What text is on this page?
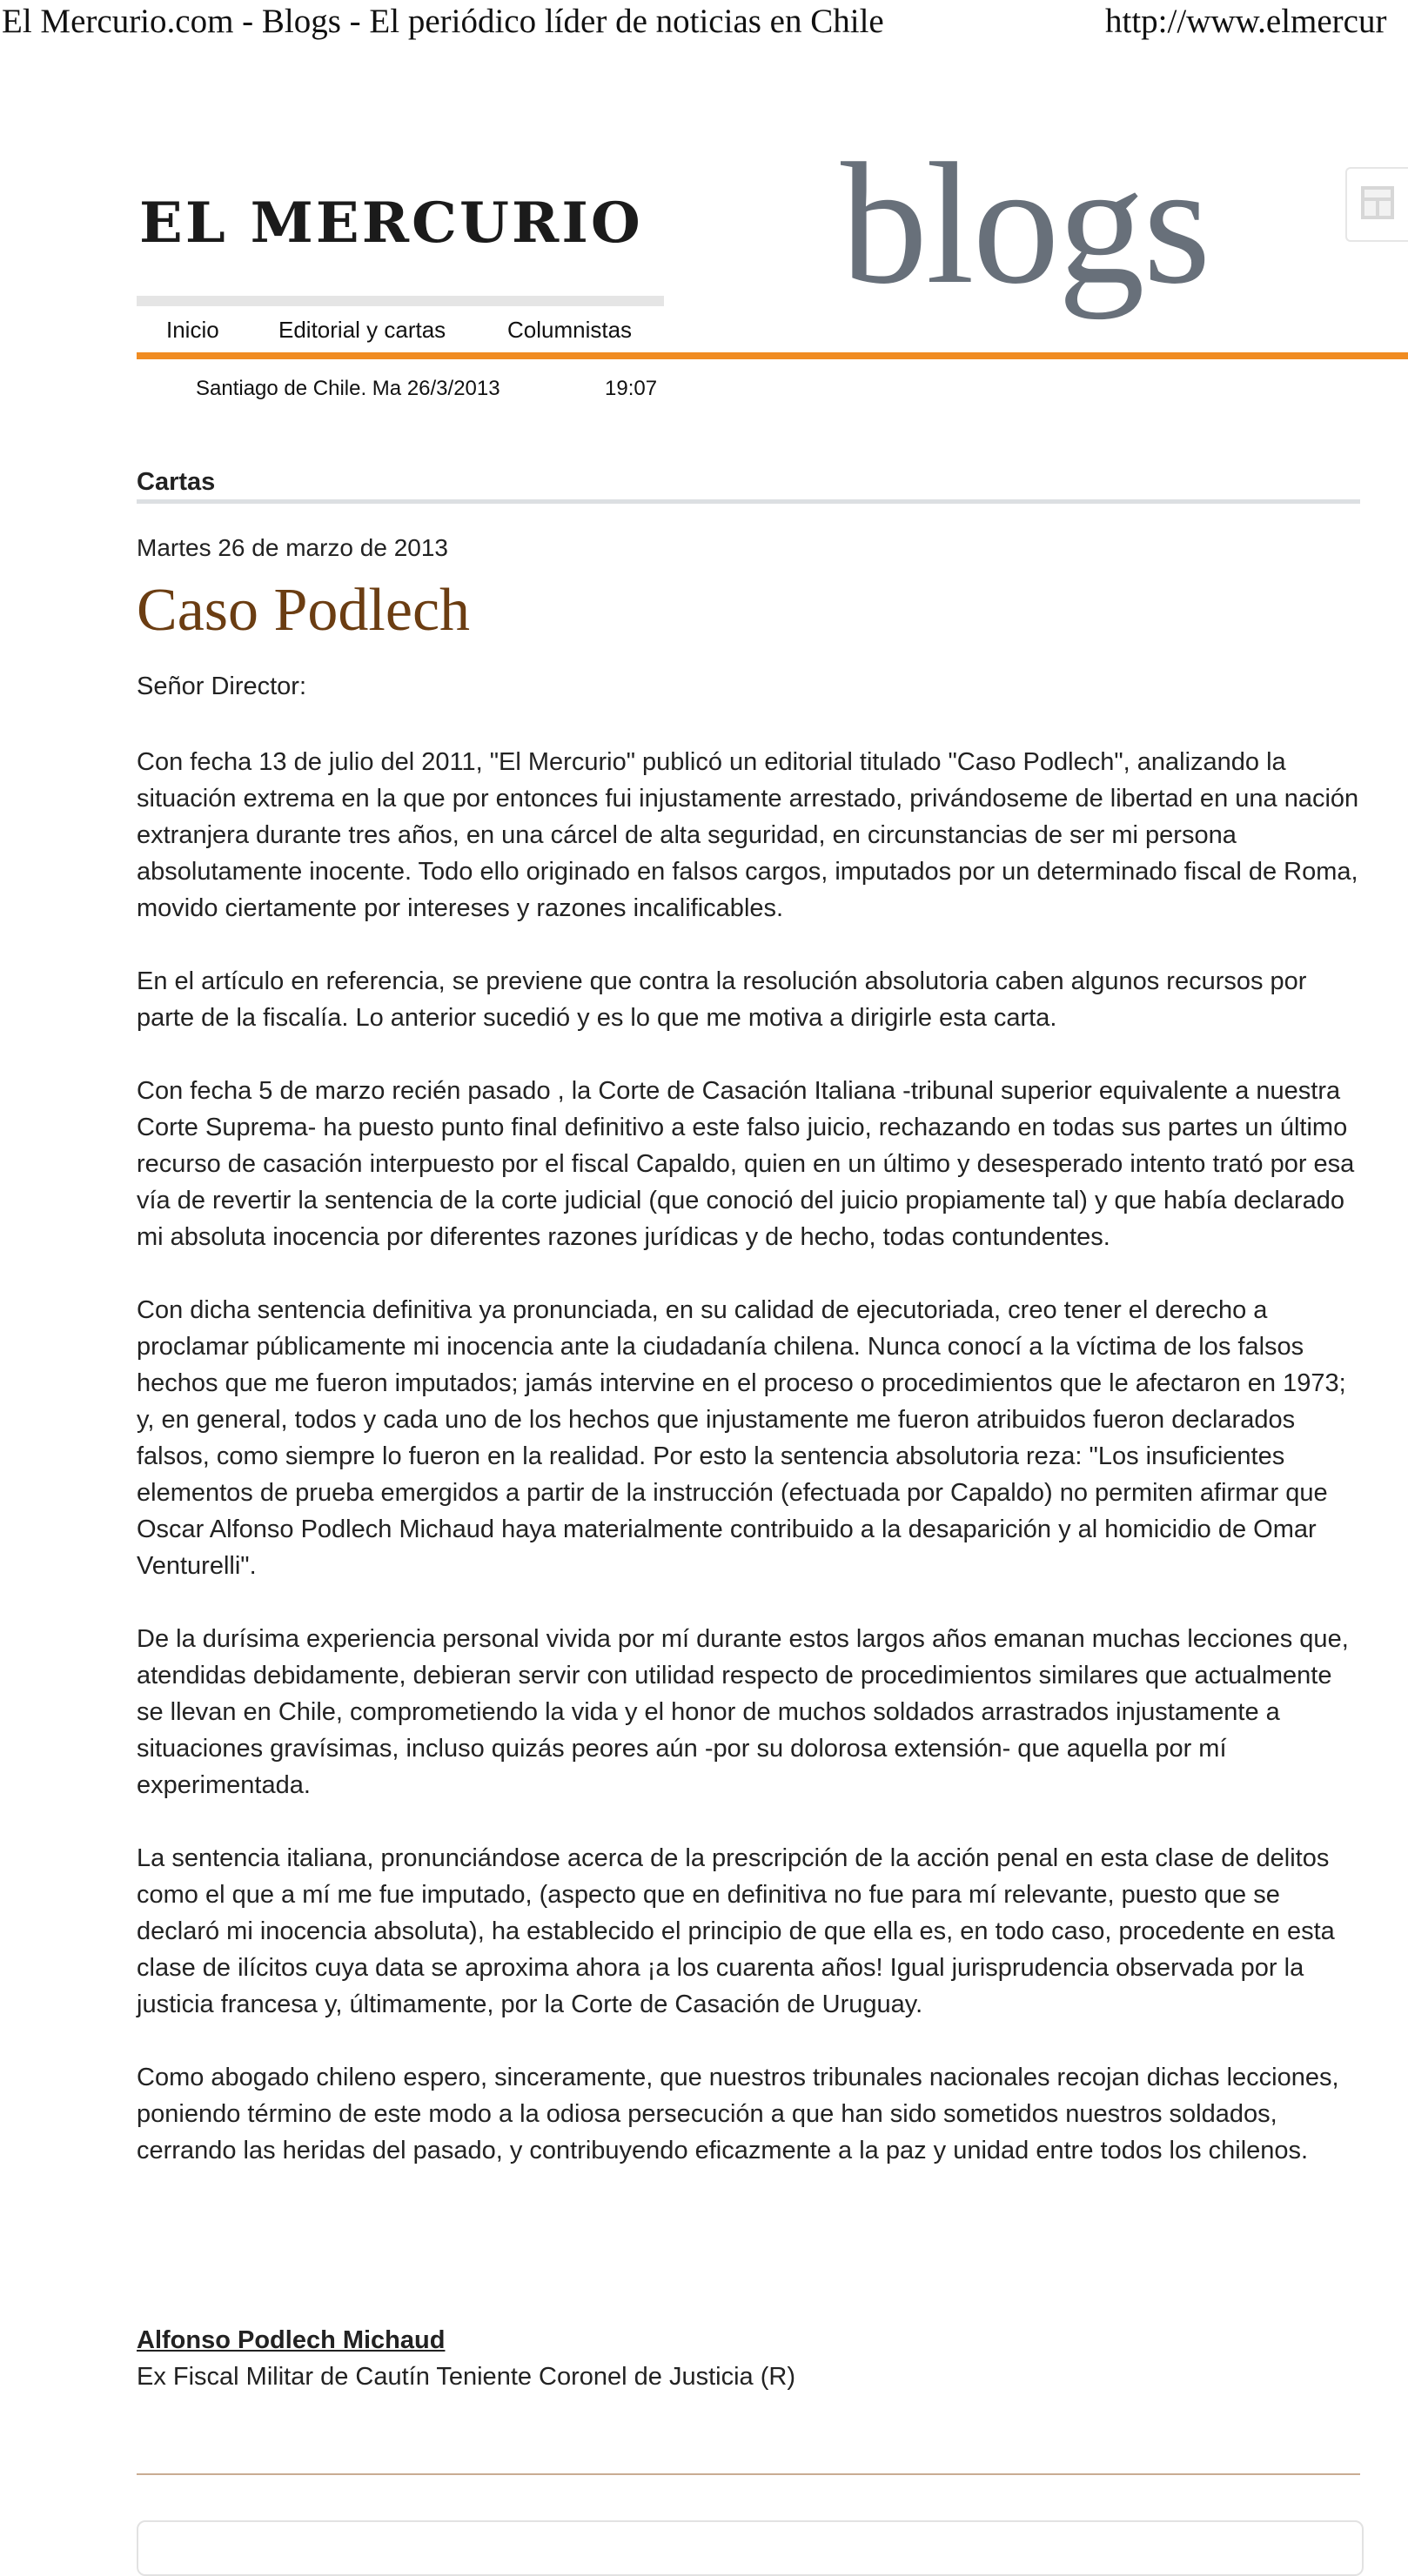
El Mercurio.com - Blogs - El periódico líder de noticias en Chile	http://www.elmercur
EL MERCURIO blogs
Inicio	Editorial y cartas	Columnistas
Santiago de Chile. Ma 26/3/2013	19:07
Cartas
Martes 26 de marzo de 2013
Caso Podlech
Señor Director:

Con fecha 13 de julio del 2011, "El Mercurio" publicó un editorial titulado "Caso Podlech", analizando la situación extrema en la que por entonces fui injustamente arrestado, privándoseme de libertad en una nación extranjera durante tres años, en una cárcel de alta seguridad, en circunstancias de ser mi persona absolutamente inocente. Todo ello originado en falsos cargos, imputados por un determinado fiscal de Roma, movido ciertamente por intereses y razones incalificables.

En el artículo en referencia, se previene que contra la resolución absolutoria caben algunos recursos por parte de la fiscalía. Lo anterior sucedió y es lo que me motiva a dirigirle esta carta.

Con fecha 5 de marzo recién pasado , la Corte de Casación Italiana -tribunal superior equivalente a nuestra Corte Suprema- ha puesto punto final definitivo a este falso juicio, rechazando en todas sus partes un último recurso de casación interpuesto por el fiscal Capaldo, quien en un último y desesperado intento trató por esa vía de revertir la sentencia de la corte judicial (que conoció del juicio propiamente tal) y que había declarado mi absoluta inocencia por diferentes razones jurídicas y de hecho, todas contundentes.

Con dicha sentencia definitiva ya pronunciada, en su calidad de ejecutoriada, creo tener el derecho a proclamar públicamente mi inocencia ante la ciudadanía chilena. Nunca conocí a la víctima de los falsos hechos que me fueron imputados; jamás intervine en el proceso o procedimientos que le afectaron en 1973; y, en general, todos y cada uno de los hechos que injustamente me fueron atribuidos fueron declarados falsos, como siempre lo fueron en la realidad. Por esto la sentencia absolutoria reza: "Los insuficientes elementos de prueba emergidos a partir de la instrucción (efectuada por Capaldo) no permiten afirmar que Oscar Alfonso Podlech Michaud haya materialmente contribuido a la desaparición y al homicidio de Omar Venturelli".

De la durísima experiencia personal vivida por mí durante estos largos años emanan muchas lecciones que, atendidas debidamente, debieran servir con utilidad respecto de procedimientos similares que actualmente se llevan en Chile, comprometiendo la vida y el honor de muchos soldados arrastrados injustamente a situaciones gravísimas, incluso quizás peores aún -por su dolorosa extensión- que aquella por mí experimentada.

La sentencia italiana, pronunciándose acerca de la prescripción de la acción penal en esta clase de delitos como el que a mí me fue imputado, (aspecto que en definitiva no fue para mí relevante, puesto que se declaró mi inocencia absoluta), ha establecido el principio de que ella es, en todo caso, procedente en esta clase de ilícitos cuya data se aproxima ahora ¡a los cuarenta años! Igual jurisprudencia observada por la justicia francesa y, últimamente, por la Corte de Casación de Uruguay.

Como abogado chileno espero, sinceramente, que nuestros tribunales nacionales recojan dichas lecciones, poniendo término de este modo a la odiosa persecución a que han sido sometidos nuestros soldados, cerrando las heridas del pasado, y contribuyendo eficazmente a la paz y unidad entre todos los chilenos.

Alfonso Podlech Michaud
Ex Fiscal Militar de Cautín Teniente Coronel de Justicia (R)
